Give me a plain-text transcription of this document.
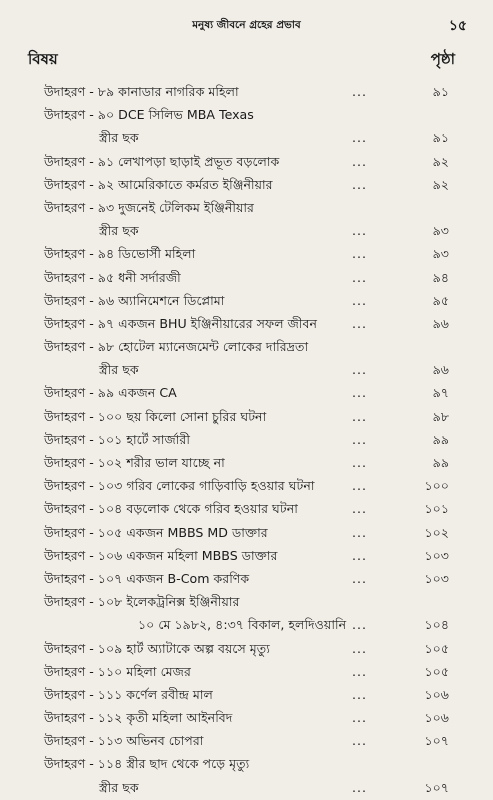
মনুষ্য জীবনে গ্রহের প্রভাব	১৫
বিষয়	পৃষ্ঠা
উদাহরণ - ৮৯ কানাডার নাগরিক মহিলা	...	৯১
উদাহরণ - ৯০ DCE সিলিভ MBA Texas
স্ত্রীর ছক	...	৯১
উদাহরণ - ৯১ লেখাপড়া ছাড়াই প্রভূত বড়লোক	...	৯২
উদাহরণ - ৯২ আমেরিকাতে কর্মরত ইঞ্জিনীয়ার	...	৯২
উদাহরণ - ৯৩ দুজনেই টেলিকম ইঞ্জিনীয়ার
স্ত্রীর ছক	...	৯৩
উদাহরণ - ৯৪ ডিভোর্সী মহিলা	...	৯৩
উদাহরণ - ৯৫ ধনী সর্দারজী	...	৯৪
উদাহরণ - ৯৬ অ্যানিমেশনে ডিপ্লোমা	...	৯৫
উদাহরণ - ৯৭ একজন BHU ইঞ্জিনীয়ারের সফল জীবন	...	৯৬
উদাহরণ - ৯৮ হোটেল ম্যানেজমেন্ট লোকের দারিদ্রতা
স্ত্রীর ছক	...	৯৬
উদাহরণ - ৯৯ একজন CA	...	৯৭
উদাহরণ - ১০০ ছয় কিলো সোনা চুরির ঘটনা	...	৯৮
উদাহরণ - ১০১ হার্টে সার্জারী	...	৯৯
উদাহরণ - ১০২ শরীর ভাল যাচ্ছে না	...	৯৯
উদাহরণ - ১০৩ গরিব লোকের গাড়িবাড়ি হওয়ার ঘটনা	...	১০০
উদাহরণ - ১০৪ বড়লোক থেকে গরিব হওয়ার ঘটনা	...	১০১
উদাহরণ - ১০৫ একজন MBBS MD ডাক্তার	...	১০২
উদাহরণ - ১০৬ একজন মহিলা MBBS ডাক্তার	...	১০৩
উদাহরণ - ১০৭ একজন B-Com করণিক	...	১০৩
উদাহরণ - ১০৮ ইলেকট্রনিক্স ইঞ্জিনীয়ার
১০ মে ১৯৮২, ৪:৩৭ বিকাল, হলদিওয়ানি ...	১০৪
উদাহরণ - ১০৯ হার্ট অ্যাটাকে অল্প বয়সে মৃত্যু	...	১০৫
উদাহরণ - ১১০ মহিলা মেজর	...	১০৫
উদাহরণ - ১১১ কর্ণেল রবীন্দ্র মাল	...	১০৬
উদাহরণ - ১১২ কৃতী মহিলা আইনবিদ	...	১০৬
উদাহরণ - ১১৩ অভিনব চোপরা	...	১০৭
উদাহরণ - ১১৪ স্ত্রীর ছাদ থেকে পড়ে মৃত্যু
স্ত্রীর ছক	...	১০৭
